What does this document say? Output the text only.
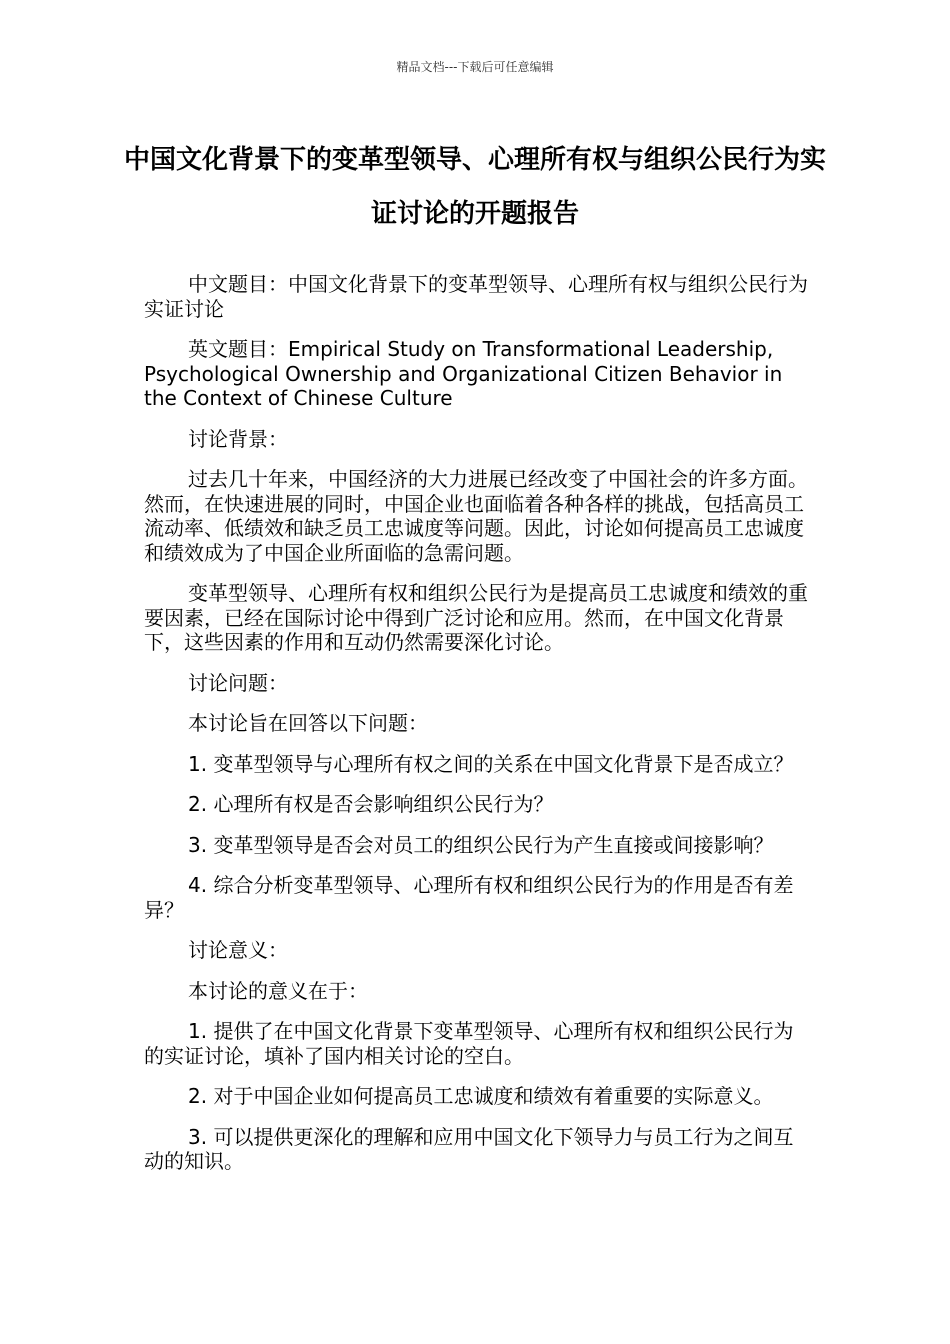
精品文档---下载后可任意编辑
中国文化背景下的变革型领导、心理所有权与组织公民行为实证讨论的开题报告

中文题目：中国文化背景下的变革型领导、心理所有权与组织公民行为实证讨论

英文题目：Empirical Study on Transformational Leadership, Psychological Ownership and Organizational Citizen Behavior in the Context of Chinese Culture

讨论背景：

过去几十年来，中国经济的大力进展已经改变了中国社会的许多方面。然而，在快速进展的同时，中国企业也面临着各种各样的挑战，包括高员工流动率、低绩效和缺乏员工忠诚度等问题。因此，讨论如何提高员工忠诚度和绩效成为了中国企业所面临的急需问题。

变革型领导、心理所有权和组织公民行为是提高员工忠诚度和绩效的重要因素，已经在国际讨论中得到广泛讨论和应用。然而，在中国文化背景下，这些因素的作用和互动仍然需要深化讨论。

讨论问题：

本讨论旨在回答以下问题：

1. 变革型领导与心理所有权之间的关系在中国文化背景下是否成立？

2. 心理所有权是否会影响组织公民行为？

3. 变革型领导是否会对员工的组织公民行为产生直接或间接影响？

4. 综合分析变革型领导、心理所有权和组织公民行为的作用是否有差异？

讨论意义：

本讨论的意义在于：

1. 提供了在中国文化背景下变革型领导、心理所有权和组织公民行为的实证讨论，填补了国内相关讨论的空白。

2. 对于中国企业如何提高员工忠诚度和绩效有着重要的实际意义。

3. 可以提供更深化的理解和应用中国文化下领导力与员工行为之间互动的知识。
